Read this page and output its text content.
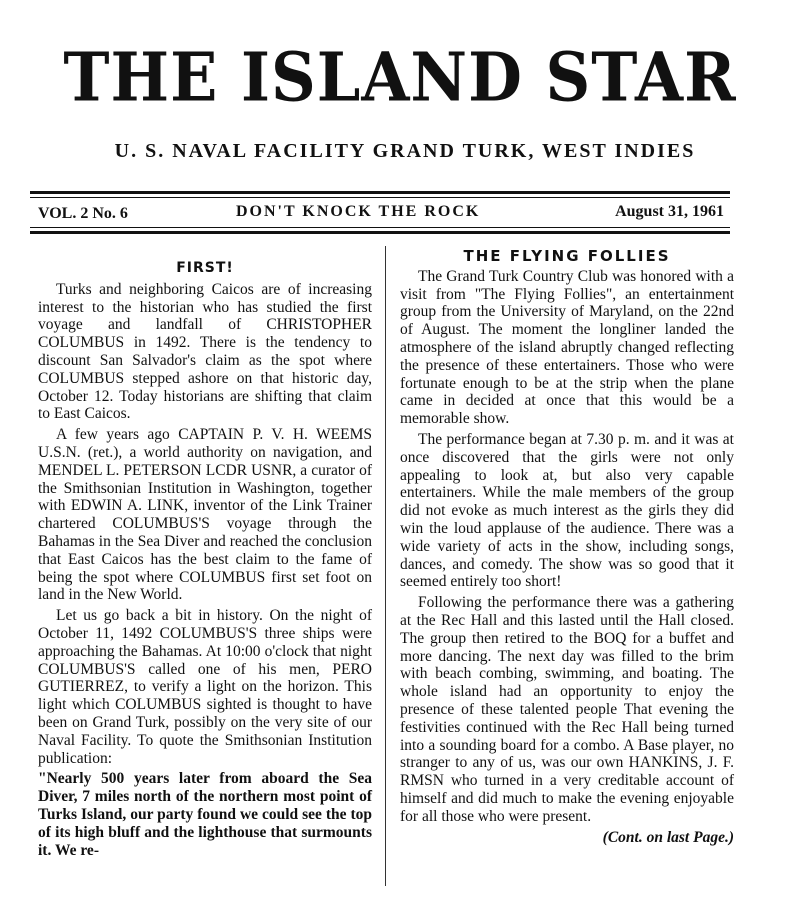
THE ISLAND STAR
U. S. NAVAL FACILITY GRAND TURK, WEST INDIES
VOL. 2 No. 6	DON'T KNOCK THE ROCK	August 31, 1961
FIRST!

Turks and neighboring Caicos are of increasing interest to the historian who has studied the first voyage and landfall of CHRISTOPHER COLUMBUS in 1492. There is the tendency to discount San Salvador's claim as the spot where COLUMBUS stepped ashore on that historic day, October 12. Today historians are shifting that claim to East Caicos.

A few years ago CAPTAIN P. V. H. WEEMS U.S.N. (ret.), a world authority on navigation, and MENDEL L. PETERSON LCDR USNR, a curator of the Smithsonian Institution in Washington, together with EDWIN A. LINK, inventor of the Link Trainer chartered COLUMBUS'S voyage through the Bahamas in the Sea Diver and reached the conclusion that East Caicos has the best claim to the fame of being the spot where COLUMBUS first set foot on land in the New World.

Let us go back a bit in history. On the night of October 11, 1492 COLUMBUS'S three ships were approaching the Bahamas. At 10:00 o'clock that night COLUMBUS'S called one of his men, PERO GUTIERREZ, to verify a light on the horizon. This light which COLUMBUS sighted is thought to have been on Grand Turk, possibly on the very site of our Naval Facility. To quote the Smithsonian Institution publication:

"Nearly 500 years later from aboard the Sea Diver, 7 miles north of the northern most point of Turks Island, our party found we could see the top of its high bluff and the lighthouse that surmounts it. We re-

THE FLYING FOLLIES

The Grand Turk Country Club was honored with a visit from "The Flying Follies", an entertainment group from the University of Maryland, on the 22nd of August. The moment the longliner landed the atmosphere of the island abruptly changed reflecting the presence of these entertainers. Those who were fortunate enough to be at the strip when the plane came in decided at once that this would be a memorable show.

The performance began at 7.30 p. m. and it was at once discovered that the girls were not only appealing to look at, but also very capable entertainers. While the male members of the group did not evoke as much interest as the girls they did win the loud applause of the audience. There was a wide variety of acts in the show, including songs, dances, and comedy. The show was so good that it seemed entirely too short!

Following the performance there was a gathering at the Rec Hall and this lasted until the Hall closed. The group then retired to the BOQ for a buffet and more dancing. The next day was filled to the brim with beach combing, swimming, and boating. The whole island had an opportunity to enjoy the presence of these talented people That evening the festivities continued with the Rec Hall being turned into a sounding board for a combo. A Base player, no stranger to any of us, was our own HANKINS, J. F. RMSN who turned in a very creditable account of himself and did much to make the evening enjoyable for all those who were present.

(Cont. on last Page.)
